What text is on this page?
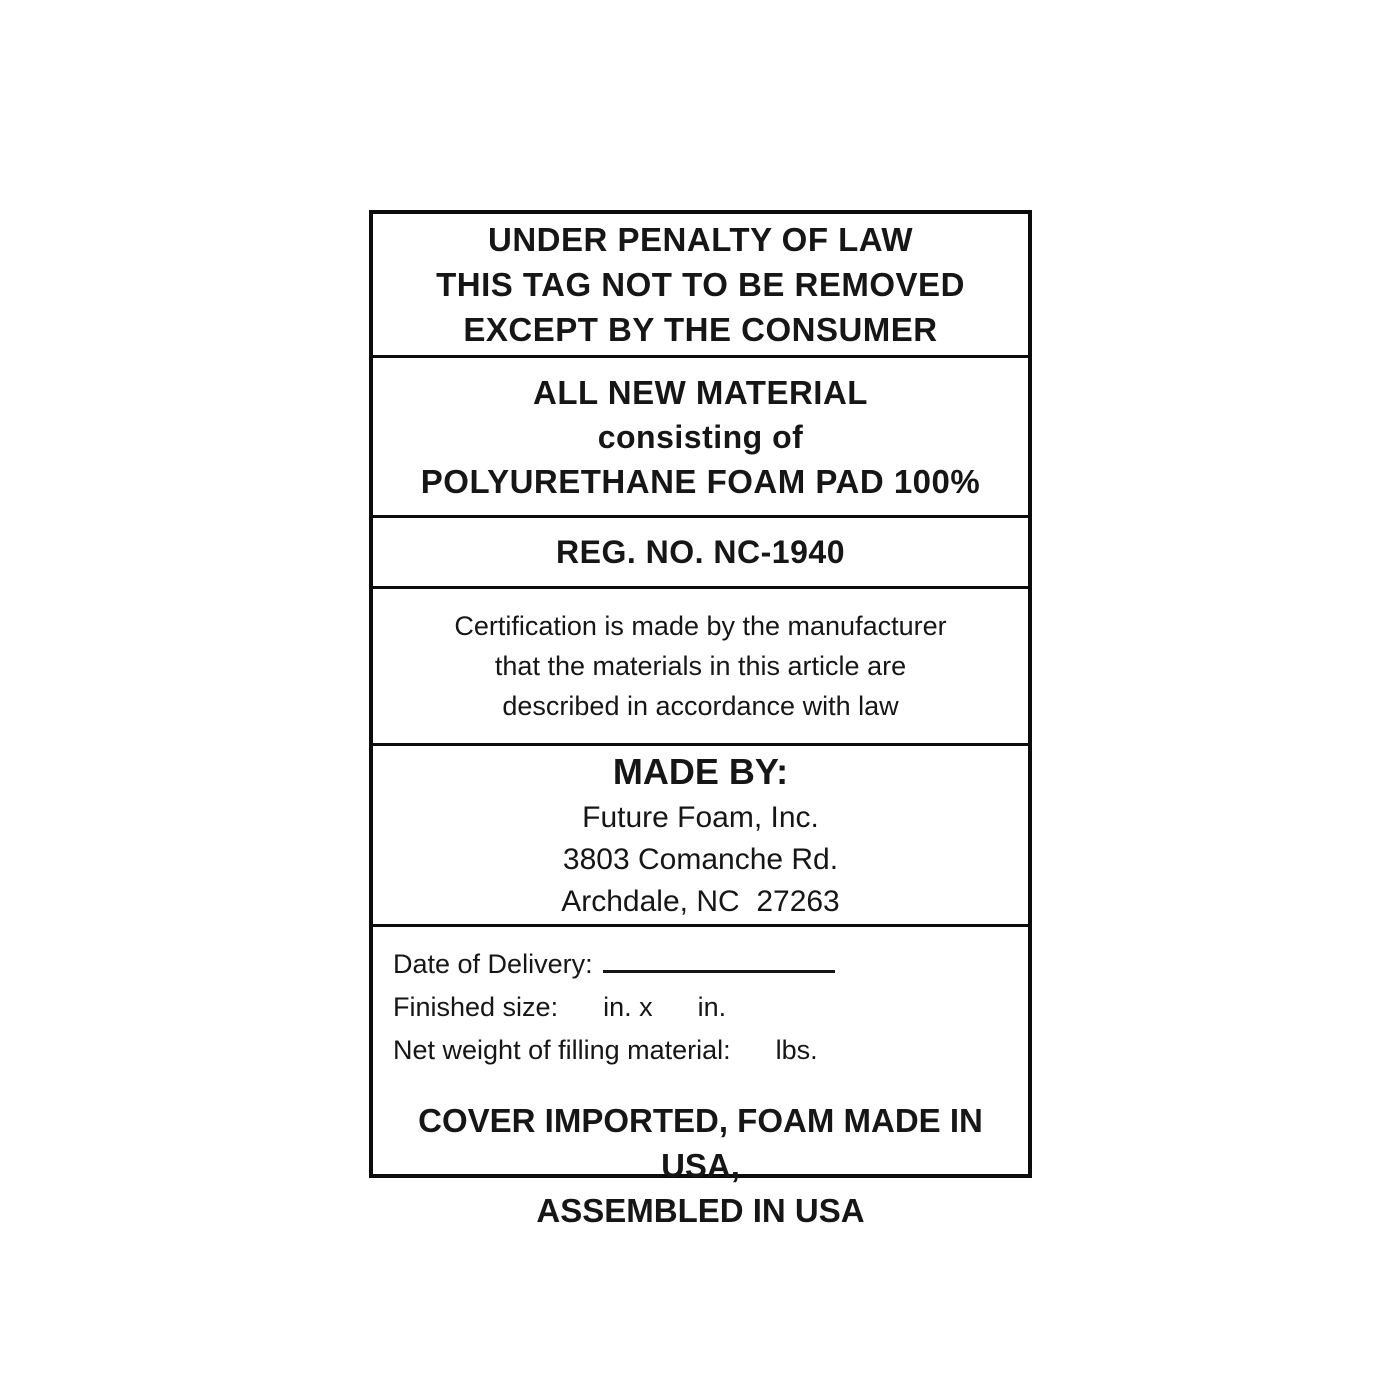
UNDER PENALTY OF LAW
THIS TAG NOT TO BE REMOVED
EXCEPT BY THE CONSUMER
ALL NEW MATERIAL
consisting of
POLYURETHANE FOAM PAD 100%
REG. NO. NC-1940
Certification is made by the manufacturer
that the materials in this article are
described in accordance with law
MADE BY:
Future Foam, Inc.
3803 Comanche Rd.
Archdale, NC  27263
Date of Delivery:
Finished size:      in. x      in.
Net weight of filling material:      lbs.
COVER IMPORTED, FOAM MADE IN USA,
ASSEMBLED IN USA
